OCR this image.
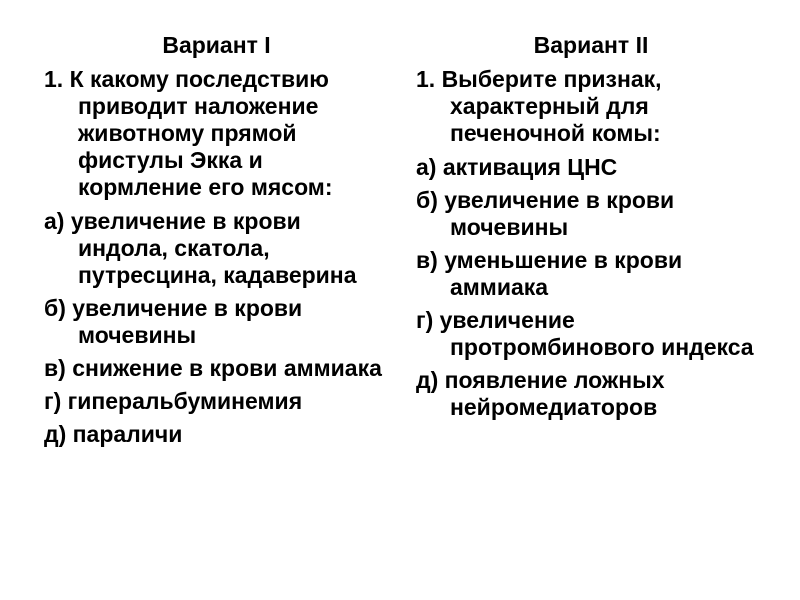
Вариант I
1. К какому последствию приводит наложение животному прямой фистулы Экка и кормление его мясом:
а) увеличение в крови индола, скатола, путресцина, кадаверина
б) увеличение в крови мочевины
в) снижение в крови аммиака
г) гиперальбуминемия
д) параличи
Вариант II
1. Выберите признак, характерный для печеночной комы:
а) активация ЦНС
б) увеличение в крови мочевины
в) уменьшение в крови аммиака
г) увеличение протромбинового индекса
д) появление ложных нейромедиаторов
